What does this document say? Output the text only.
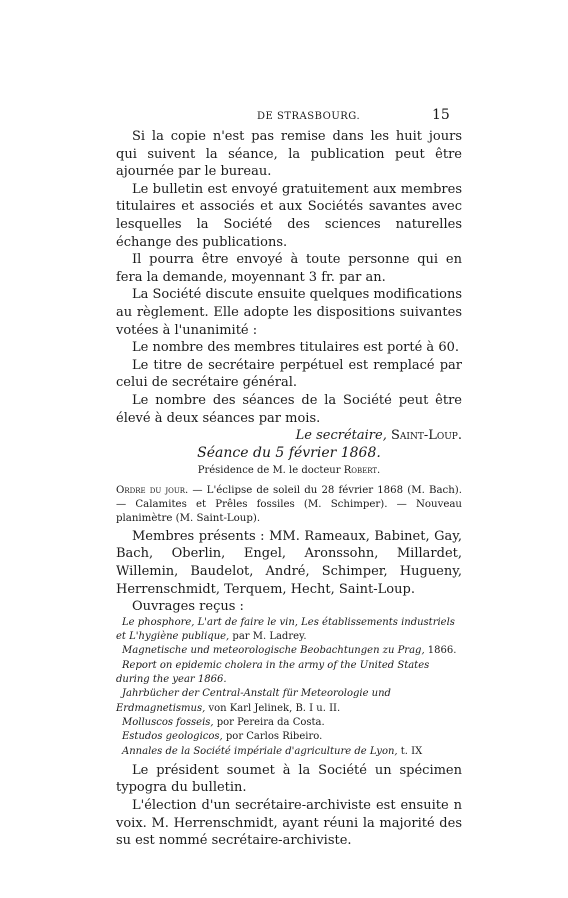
DE STRASBOURG.	15

Si la copie n'est pas remise dans les huit jours qui suivent la séance, la publication peut être ajournée par le bureau.

Le bulletin est envoyé gratuitement aux membres titulaires et associés et aux Sociétés savantes avec lesquelles la Société des sciences naturelles échange des publications.

Il pourra être envoyé à toute personne qui en fera la demande, moyennant 3 fr. par an.

La Société discute ensuite quelques modifications au règlement. Elle adopte les dispositions suivantes votées à l'unanimité :

Le nombre des membres titulaires est porté à 60.

Le titre de secrétaire perpétuel est remplacé par celui de secrétaire général.

Le nombre des séances de la Société peut être élevé à deux séances par mois.

Le secrétaire, Saint-Loup.

Séance du 5 février 1868.

Présidence de M. le docteur Robert.

Ordre du jour. — L'éclipse de soleil du 28 février 1868 (M. Bach). — Calamites et Prêles fossiles (M. Schimper). — Nouveau planimètre (M. Saint-Loup).

Membres présents : MM. Rameaux, Babinet, Gay, Bach, Oberlin, Engel, Aronssohn, Millardet, Willemin, Baudelot, André, Schimper, Hugueny, Herrenschmidt, Terquem, Hecht, Saint-Loup.

Ouvrages reçus :

Le phosphore, L'art de faire le vin, Les établissements industriels et L'hygiène publique, par M. Ladrey.

Magnetische und meteorologische Beobachtungen zu Prag, 1866.

Report on epidemic cholera in the army of the United States during the year 1866.

Jahrbücher der Central-Anstalt für Meteorologie und Erdmagnetismus, von Karl Jelinek, B. I u. II.

Molluscos fosseis, por Pereira da Costa.

Estudos geologicos, por Carlos Ribeiro.

Annales de la Société impériale d'agriculture de Lyon, t. IX

Le président soumet à la Société un spécimen typogra du bulletin.

L'élection d'un secrétaire-archiviste est ensuite n voix. M. Herrenschmidt, ayant réuni la majorité des su est nommé secrétaire-archiviste.
